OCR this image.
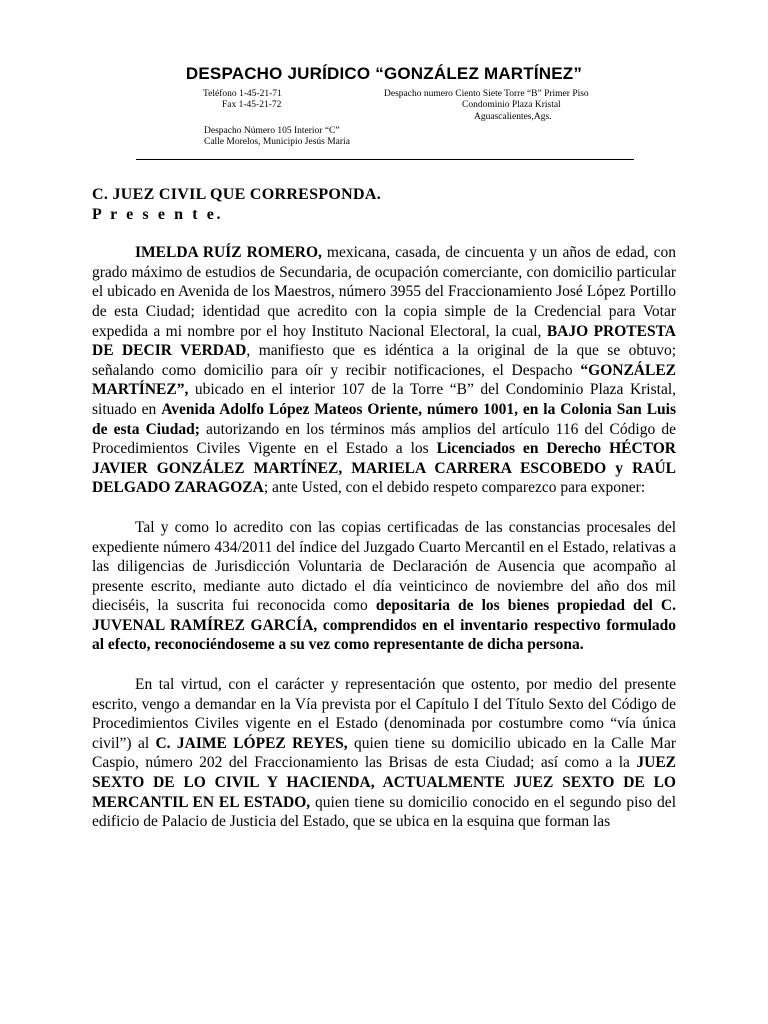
DESPACHO JURÍDICO “GONZÁLEZ MARTÍNEZ”
Teléfono 1-45-21-71
Fax 1-45-21-72
Despacho numero Ciento Siete Torre “B” Primer Piso
Condominio Plaza Kristal
Aguascalientes,Ags.
Despacho Número 105 Interior “C”
Calle Morelos, Municipio Jesús María
C. JUEZ CIVIL QUE CORRESPONDA.
P r e s e n t e.

IMELDA RUÍZ ROMERO, mexicana, casada, de cincuenta y un años de edad, con grado máximo de estudios de Secundaria, de ocupación comerciante, con domicilio particular el ubicado en Avenida de los Maestros, número 3955 del Fraccionamiento José López Portillo de esta Ciudad; identidad que acredito con la copia simple de la Credencial para Votar expedida a mi nombre por el hoy Instituto Nacional Electoral, la cual, BAJO PROTESTA DE DECIR VERDAD, manifiesto que es idéntica a la original de la que se obtuvo; señalando como domicilio para oír y recibir notificaciones, el Despacho “GONZÁLEZ MARTÍNEZ”, ubicado en el interior 107 de la Torre “B” del Condominio Plaza Kristal, situado en Avenida Adolfo López Mateos Oriente, número 1001, en la Colonia San Luis de esta Ciudad; autorizando en los términos más amplios del artículo 116 del Código de Procedimientos Civiles Vigente en el Estado a los Licenciados en Derecho HÉCTOR JAVIER GONZÁLEZ MARTÍNEZ, MARIELA CARRERA ESCOBEDO y RAÚL DELGADO ZARAGOZA; ante Usted, con el debido respeto comparezco para exponer:

Tal y como lo acredito con las copias certificadas de las constancias procesales del expediente número 434/2011 del índice del Juzgado Cuarto Mercantil en el Estado, relativas a las diligencias de Jurisdicción Voluntaria de Declaración de Ausencia que acompaño al presente escrito, mediante auto dictado el día veinticinco de noviembre del año dos mil dieciséis, la suscrita fui reconocida como depositaria de los bienes propiedad del C. JUVENAL RAMÍREZ GARCÍA, comprendidos en el inventario respectivo formulado al efecto, reconociéndoseme a su vez como representante de dicha persona.

En tal virtud, con el carácter y representación que ostento, por medio del presente escrito, vengo a demandar en la Vía prevista por el Capítulo I del Título Sexto del Código de Procedimientos Civiles vigente en el Estado (denominada por costumbre como “vía única civil”) al C. JAIME LÓPEZ REYES, quien tiene su domicilio ubicado en la Calle Mar Caspio, número 202 del Fraccionamiento las Brisas de esta Ciudad; así como a la JUEZ SEXTO DE LO CIVIL Y HACIENDA, ACTUALMENTE JUEZ SEXTO DE LO MERCANTIL EN EL ESTADO, quien tiene su domicilio conocido en el segundo piso del edificio de Palacio de Justicia del Estado, que se ubica en la esquina que forman las
